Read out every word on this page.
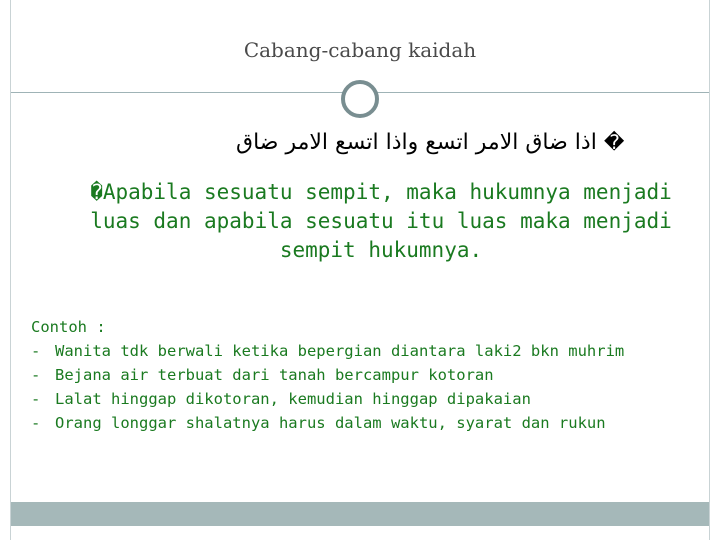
Cabang-cabang kaidah
� اذا ضاق الامر اتسع واذا اتسع الامر ضاق
�Apabila sesuatu sempit, maka hukumnya menjadi luas dan apabila sesuatu itu luas maka menjadi sempit hukumnya.
Contoh :
- Wanita tdk berwali ketika bepergian diantara laki2 bkn muhrim
- Bejana air terbuat dari tanah bercampur kotoran
- Lalat hinggap dikotoran, kemudian hinggap dipakaian
- Orang longgar shalatnya harus dalam waktu, syarat dan rukun
